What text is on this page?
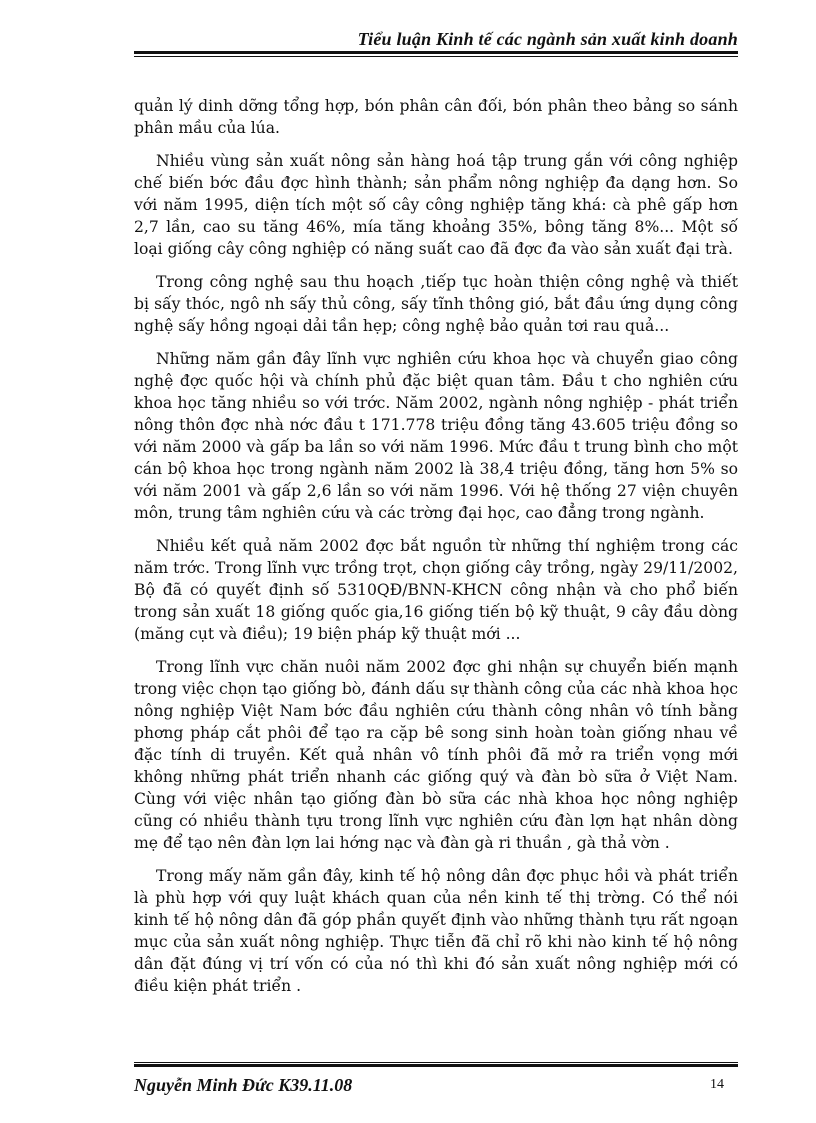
Tiểu luận Kinh tế các ngành sản xuất kinh doanh

quản lý dinh dỡng tổng hợp, bón phân cân đối, bón phân theo bảng so sánh phân mầu của lúa.

Nhiều vùng sản xuất nông sản hàng hoá tập trung gắn với công nghiệp chế biến bớc đầu đợc hình thành; sản phẩm nông nghiệp đa dạng hơn. So với năm 1995, diện tích một số cây công nghiệp tăng khá: cà phê gấp hơn 2,7 lần, cao su tăng 46%, mía tăng khoảng 35%, bông tăng 8%... Một số loại giống cây công nghiệp có năng suất cao đã đợc đa vào sản xuất đại trà.

Trong công nghệ sau thu hoạch ,tiếp tục hoàn thiện công nghệ và thiết bị sấy thóc, ngô nh sấy thủ công, sấy tĩnh thông gió, bắt đầu ứng dụng công nghệ sấy hồng ngoại dải tần hẹp; công nghệ bảo quản tơi rau quả...

Những năm gần đây lĩnh vực nghiên cứu khoa học và chuyển giao công nghệ đợc quốc hội và chính phủ đặc biệt quan tâm. Đầu t cho nghiên cứu khoa học tăng nhiều so với trớc. Năm 2002, ngành nông nghiệp - phát triển nông thôn đợc nhà nớc đầu t 171.778 triệu đồng tăng 43.605 triệu đồng so với năm 2000 và gấp ba lần so với năm 1996. Mức đầu t trung bình cho một cán bộ khoa học trong ngành năm 2002 là 38,4 triệu đồng, tăng hơn 5% so với năm 2001 và gấp 2,6 lần so với năm 1996. Với hệ thống 27 viện chuyên môn, trung tâm nghiên cứu và các trờng đại học, cao đẳng trong ngành.

Nhiều kết quả năm 2002 đợc bắt nguồn từ những thí nghiệm trong các năm trớc. Trong lĩnh vực trồng trọt, chọn giống cây trồng, ngày 29/11/2002, Bộ đã có quyết định số 5310QĐ/BNN-KHCN công nhận và cho phổ biến trong sản xuất 18 giống quốc gia,16 giống tiến bộ kỹ thuật, 9 cây đầu dòng (măng cụt và điều); 19 biện pháp kỹ thuật mới ...

Trong lĩnh vực chăn nuôi năm 2002 đợc ghi nhận sự chuyển biến mạnh trong việc chọn tạo giống bò, đánh dấu sự thành công của các nhà khoa học nông nghiệp Việt Nam bớc đầu nghiên cứu thành công nhân vô tính bằng phơng pháp cắt phôi để tạo ra cặp bê song sinh hoàn toàn giống nhau về đặc tính di truyền. Kết quả nhân vô tính phôi đã mở ra triển vọng mới không những phát triển nhanh các giống quý và đàn bò sữa ở Việt Nam. Cùng với việc nhân tạo giống đàn bò sữa các nhà khoa học nông nghiệp cũng có nhiều thành tựu trong lĩnh vực nghiên cứu đàn lợn hạt nhân dòng mẹ để tạo nên đàn lợn lai hớng nạc và đàn gà ri thuần , gà thả vờn .

Trong mấy năm gần đây, kinh tế hộ nông dân đợc phục hồi và phát triển là phù hợp với quy luật khách quan của nền kinh tế thị trờng. Có thể nói kinh tế hộ nông dân đã góp phần quyết định vào những thành tựu rất ngoạn mục của sản xuất nông nghiệp. Thực tiễn đã chỉ rõ khi nào kinh tế hộ nông dân đặt đúng vị trí vốn có của nó thì khi đó sản xuất nông nghiệp mới có điều kiện phát triển .

Nguyễn Minh Đức K39.11.08	14
